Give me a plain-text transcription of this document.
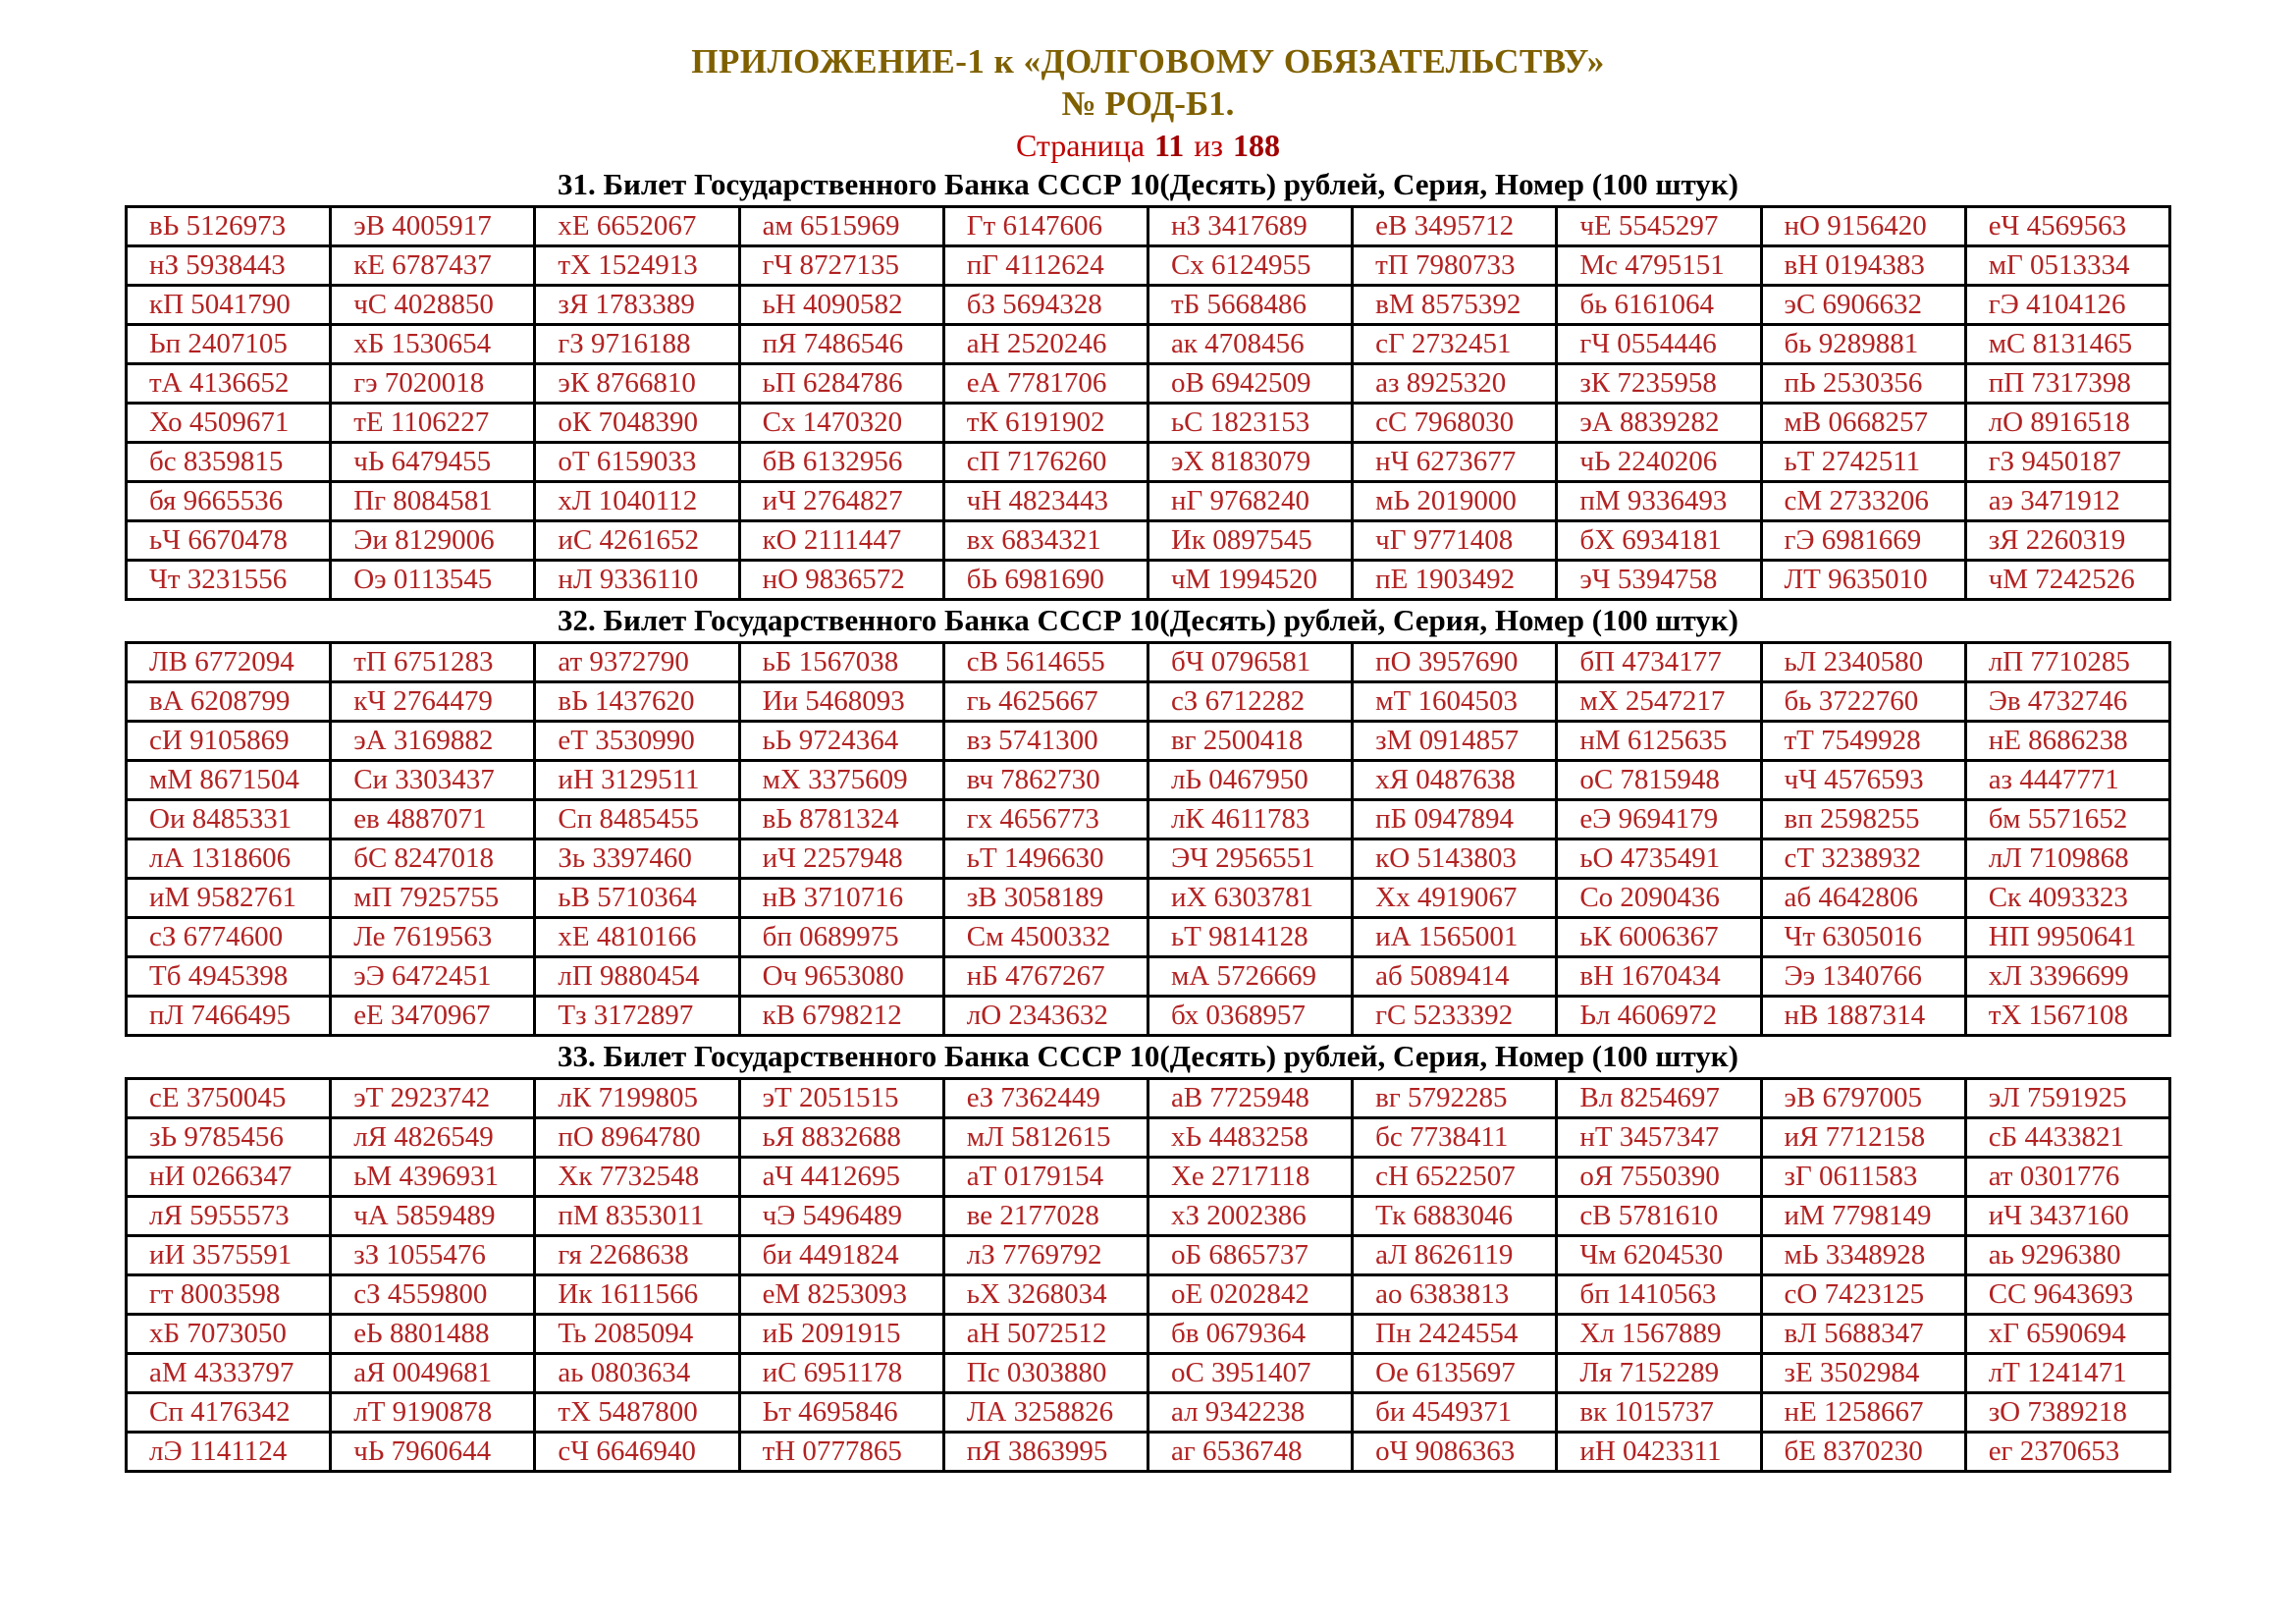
ПРИЛОЖЕНИЕ-1 к «ДОЛГОВОМУ ОБЯЗАТЕЛЬСТВУ»
№ РОД-Б1.
Страница 11 из 188
31. Билет Государственного Банка СССР 10(Десять) рублей, Серия, Номер (100 штук)
вЬ 5126973	эВ 4005917	хЕ 6652067	ам 6515969	Гт 6147606	нЗ 3417689	еВ 3495712	чЕ 5545297	нО 9156420	еЧ 4569563
нЗ 5938443	кЕ 6787437	тХ 1524913	гЧ 8727135	пГ 4112624	Сх 6124955	тП 7980733	Мс 4795151	вН 0194383	мГ 0513334
кП 5041790	чС 4028850	зЯ 1783389	ьН 4090582	бЗ 5694328	тБ 5668486	вМ 8575392	бь 6161064	эС 6906632	гЭ 4104126
Ьп 2407105	хБ 1530654	гЗ 9716188	пЯ 7486546	аН 2520246	ак 4708456	сГ 2732451	гЧ 0554446	бь 9289881	мС 8131465
тА 4136652	гэ 7020018	эК 8766810	ьП 6284786	еА 7781706	оВ 6942509	аз 8925320	зК 7235958	пЬ 2530356	пП 7317398
Хо 4509671	тЕ 1106227	оК 7048390	Сх 1470320	тК 6191902	ьС 1823153	сС 7968030	эА 8839282	мВ 0668257	лО 8916518
бс 8359815	чЬ 6479455	оТ 6159033	бВ 6132956	сП 7176260	эХ 8183079	нЧ 6273677	чЬ 2240206	ьТ 2742511	гЗ 9450187
бя 9665536	Пг 8084581	хЛ 1040112	иЧ 2764827	чН 4823443	нГ 9768240	мЬ 2019000	пМ 9336493	сМ 2733206	аэ 3471912
ьЧ 6670478	Эи 8129006	иС 4261652	кО 2111447	вх 6834321	Ик 0897545	чГ 9771408	бХ 6934181	гЭ 6981669	зЯ 2260319
Чт 3231556	Оэ 0113545	нЛ 9336110	нО 9836572	бЬ 6981690	чМ 1994520	пЕ 1903492	эЧ 5394758	ЛТ 9635010	чМ 7242526
32. Билет Государственного Банка СССР 10(Десять) рублей, Серия, Номер (100 штук)
ЛВ 6772094	тП 6751283	ат 9372790	ьБ 1567038	сВ 5614655	бЧ 0796581	пО 3957690	бП 4734177	ьЛ 2340580	лП 7710285
вА 6208799	кЧ 2764479	вЬ 1437620	Ии 5468093	гь 4625667	сЗ 6712282	мТ 1604503	мХ 2547217	бь 3722760	Эв 4732746
сИ 9105869	эА 3169882	еТ 3530990	ьЬ 9724364	вз 5741300	вг 2500418	зМ 0914857	нМ 6125635	тТ 7549928	нЕ 8686238
мМ 8671504	Си 3303437	иН 3129511	мХ 3375609	вч 7862730	лЬ 0467950	хЯ 0487638	оС 7815948	чЧ 4576593	аз 4447771
Ои 8485331	ев 4887071	Сп 8485455	вЬ 8781324	гх 4656773	лК 4611783	пБ 0947894	еЭ 9694179	вп 2598255	бм 5571652
лА 1318606	бС 8247018	Зь 3397460	иЧ 2257948	ьТ 1496630	ЭЧ 2956551	кО 5143803	ьО 4735491	сТ 3238932	лЛ 7109868
иМ 9582761	мП 7925755	ьВ 5710364	нВ 3710716	зВ 3058189	иХ 6303781	Хх 4919067	Со 2090436	аб 4642806	Ск 4093323
сЗ 6774600	Ле 7619563	хЕ 4810166	бп 0689975	См 4500332	ьТ 9814128	иА 1565001	ьК 6006367	Чт 6305016	НП 9950641
Тб 4945398	эЭ 6472451	лП 9880454	Оч 9653080	нБ 4767267	мА 5726669	аб 5089414	вН 1670434	Ээ 1340766	хЛ 3396699
пЛ 7466495	еЕ 3470967	Тз 3172897	кВ 6798212	лО 2343632	бх 0368957	гС 5233392	Ьл 4606972	нВ 1887314	тХ 1567108
33. Билет Государственного Банка СССР 10(Десять) рублей, Серия, Номер (100 штук)
сЕ 3750045	эТ 2923742	лК 7199805	эТ 2051515	еЗ 7362449	аВ 7725948	вг 5792285	Вл 8254697	эВ 6797005	эЛ 7591925
зЬ 9785456	лЯ 4826549	пО 8964780	ьЯ 8832688	мЛ 5812615	хЬ 4483258	бс 7738411	нТ 3457347	иЯ 7712158	сБ 4433821
нИ 0266347	ьМ 4396931	Хк 7732548	аЧ 4412695	аТ 0179154	Хе 2717118	сН 6522507	оЯ 7550390	зГ 0611583	ат 0301776
лЯ 5955573	чА 5859489	пМ 8353011	чЭ 5496489	ве 2177028	хЗ 2002386	Тк 6883046	сВ 5781610	иМ 7798149	иЧ 3437160
иИ 3575591	зЗ 1055476	гя 2268638	би 4491824	лЗ 7769792	оБ 6865737	аЛ 8626119	Чм 6204530	мЬ 3348928	аь 9296380
гт 8003598	сЗ 4559800	Ик 1611566	еМ 8253093	ьХ 3268034	оЕ 0202842	ао 6383813	бп 1410563	сО 7423125	СС 9643693
хБ 7073050	еЬ 8801488	Ть 2085094	иБ 2091915	аН 5072512	бв 0679364	Пн 2424554	Хл 1567889	вЛ 5688347	хГ 6590694
аМ 4333797	аЯ 0049681	аь 0803634	иС 6951178	Пс 0303880	оС 3951407	Ое 6135697	Ля 7152289	зЕ 3502984	лТ 1241471
Сп 4176342	лТ 9190878	тХ 5487800	Ьт 4695846	ЛА 3258826	ал 9342238	би 4549371	вк 1015737	нЕ 1258667	зО 7389218
лЭ 1141124	чЬ 7960644	сЧ 6646940	тН 0777865	пЯ 3863995	аг 6536748	оЧ 9086363	иН 0423311	бЕ 8370230	ег 2370653
